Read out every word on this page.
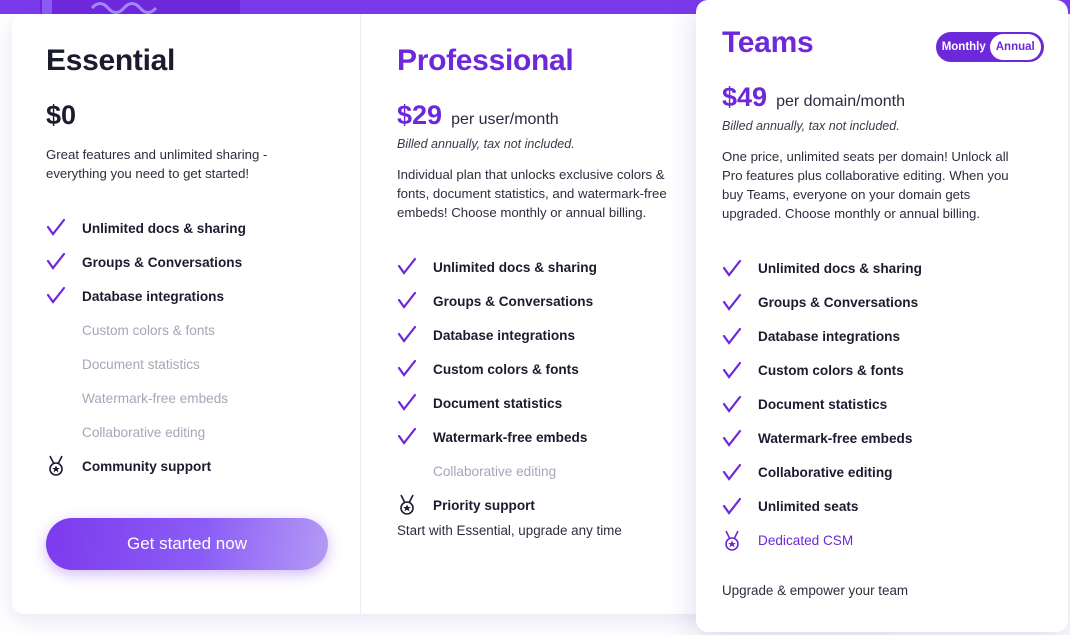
Essential
$0

Great features and unlimited sharing - everything you need to get started!

Unlimited docs & sharing
Groups & Conversations
Database integrations
Custom colors & fonts
Document statistics
Watermark-free embeds
Collaborative editing
Community support
Get started now
Professional
$29 per user/month
Billed annually, tax not included.

Individual plan that unlocks exclusive colors & fonts, document statistics, and watermark-free embeds! Choose monthly or annual billing.

Unlimited docs & sharing
Groups & Conversations
Database integrations
Custom colors & fonts
Document statistics
Watermark-free embeds
Collaborative editing
Priority support
Start with Essential, upgrade any time
Teams	Monthly Annual
$49 per domain/month
Billed annually, tax not included.

One price, unlimited seats per domain! Unlock all Pro features plus collaborative editing. When you buy Teams, everyone on your domain gets upgraded. Choose monthly or annual billing.

Unlimited docs & sharing
Groups & Conversations
Database integrations
Custom colors & fonts
Document statistics
Watermark-free embeds
Collaborative editing
Unlimited seats
Dedicated CSM
Upgrade & empower your team
